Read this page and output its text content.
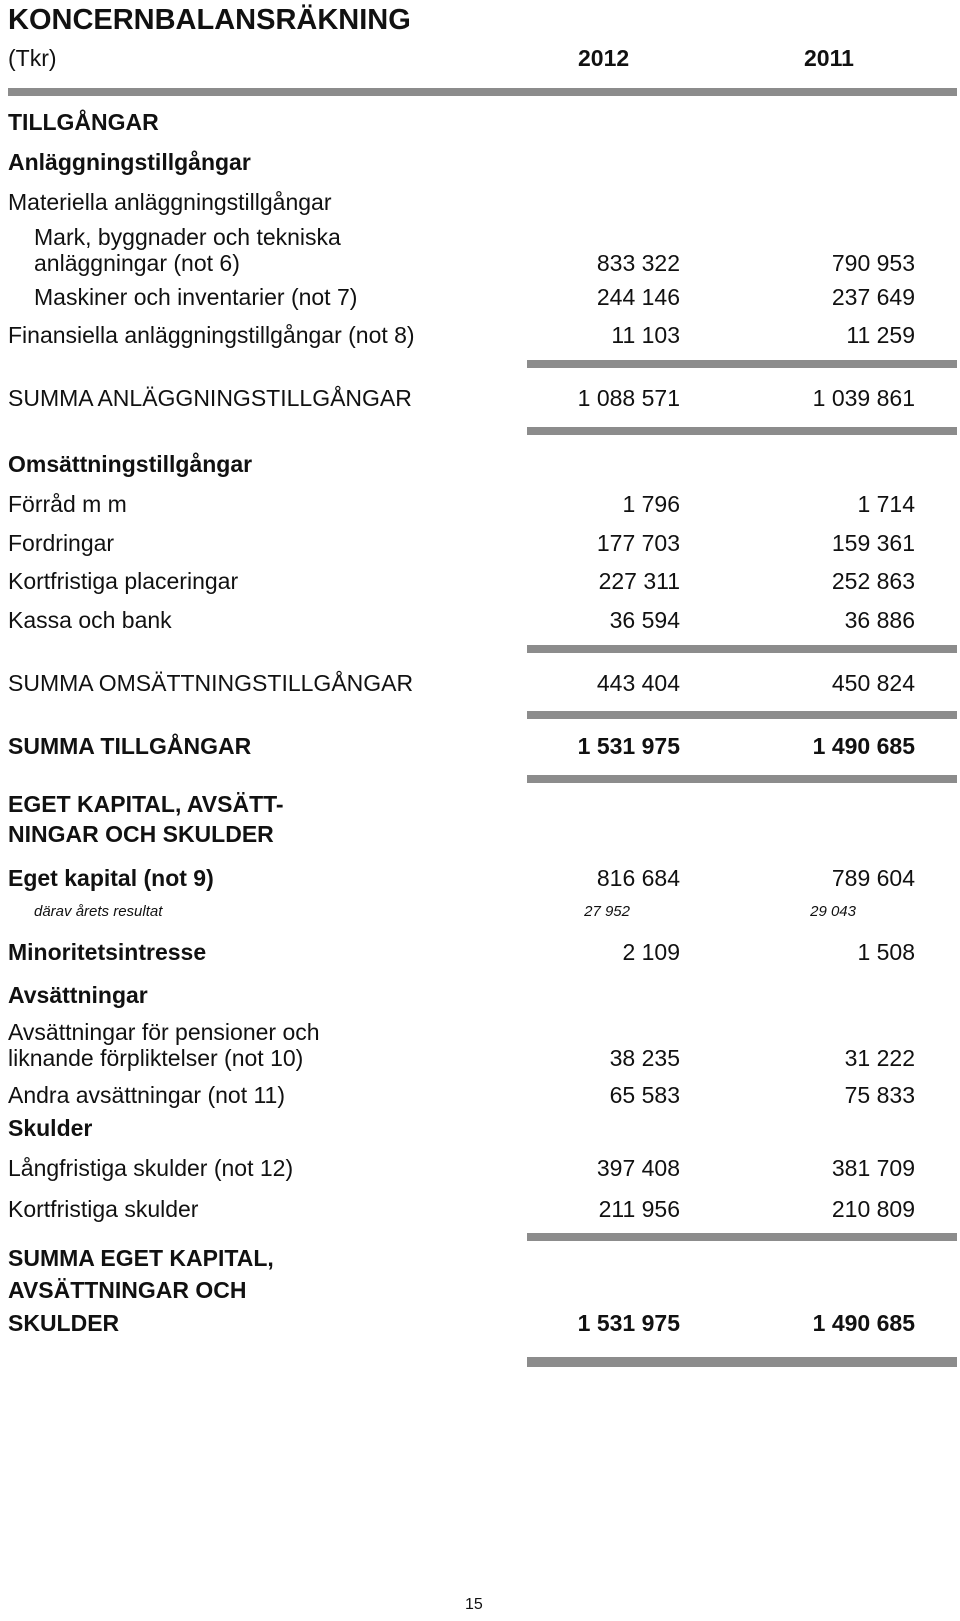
KONCERNBALANSRÄKNING
(Tkr)	2012	2011
TILLGÅNGAR
Anläggningstillgångar
Materiella anläggningstillgångar
Mark, byggnader och tekniska
anläggningar (not 6)	833 322	790 953
Maskiner och inventarier (not 7)	244 146	237 649
Finansiella anläggningstillgångar (not 8)	11 103	11 259
SUMMA ANLÄGGNINGSTILLGÅNGAR	1 088 571	1 039 861
Omsättningstillgångar
Förråd m m	1 796	1 714
Fordringar	177 703	159 361
Kortfristiga placeringar	227 311	252 863
Kassa och bank	36 594	36 886
SUMMA OMSÄTTNINGSTILLGÅNGAR	443 404	450 824
SUMMA TILLGÅNGAR	1 531 975	1 490 685
EGET KAPITAL, AVSÄTT-
NINGAR OCH SKULDER
Eget kapital (not 9)	816 684	789 604
därav årets resultat	27 952	29 043
Minoritetsintresse	2 109	1 508
Avsättningar
Avsättningar för pensioner och
liknande förpliktelser (not 10)	38 235	31 222
Andra avsättningar (not 11)	65 583	75 833
Skulder
Långfristiga skulder (not 12)	397 408	381 709
Kortfristiga skulder	211 956	210 809
SUMMA EGET KAPITAL,
AVSÄTTNINGAR OCH
SKULDER	1 531 975	1 490 685
15
